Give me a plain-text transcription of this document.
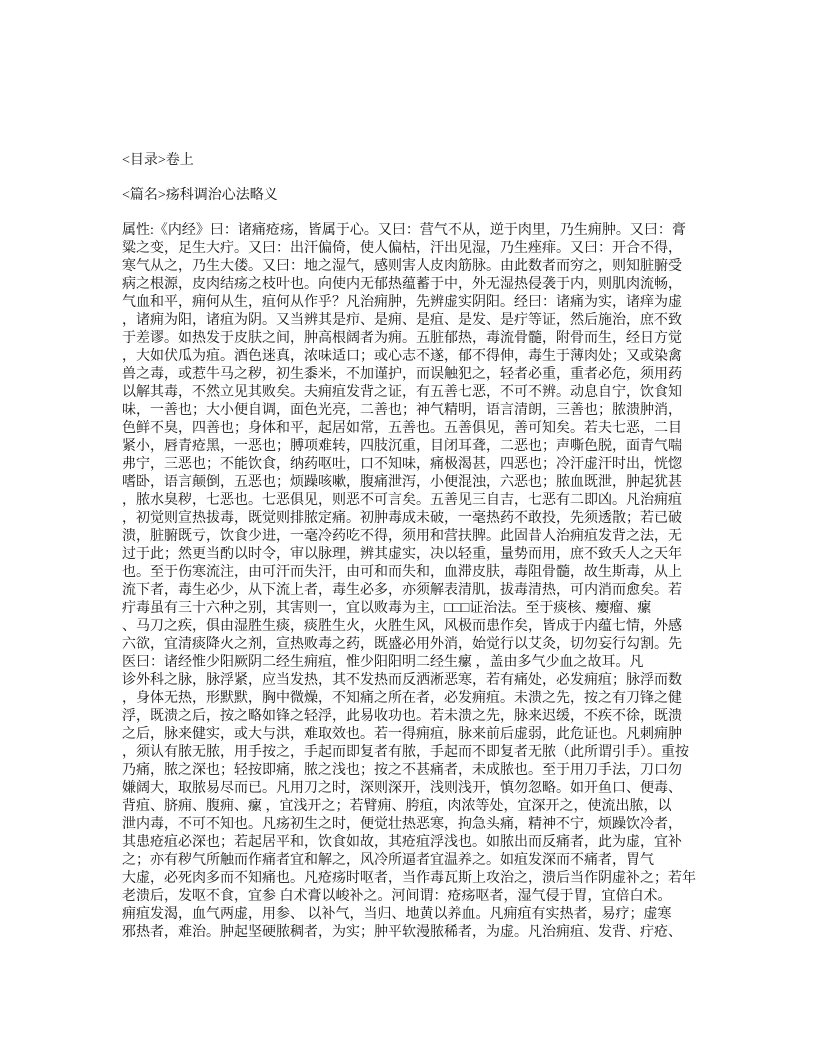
<目录>卷上
<篇名>疡科调治心法略义
属性:《内经》曰：诸痛疮疡，皆属于心。又曰：营气不从，逆于肉里，乃生痈肿。又曰：膏
粱之变，足生大疔。又曰：出汗偏倚，使人偏枯，汗出见湿，乃生痤痱。又曰：开合不得，
寒气从之，乃生大偻。又曰：地之湿气，感则害人皮肉筋脉。由此数者而穷之，则知脏腑受
病之根源，皮肉结疡之枝叶也。向使内无郁热蕴蓄于中，外无湿热侵袭于内，则肌肉流畅，
气血和平，痈何从生，疽何从作乎？凡治痈肿，先辨虚实阴阳。经曰：诸痛为实，诸痒为虚
，诸痈为阳，诸疽为阴。又当辨其是疖、是痈、是疽、是发、是疔等证，然后施治，庶不致
于差谬。如热发于皮肤之间，肿高根阔者为痈。五脏郁热，毒流骨髓，附骨而生，经日方觉
，大如伏瓜为疽。酒色迷真，浓味适口；或心志不遂，郁不得伸，毒生于薄肉处；又或染禽
兽之毒，或惹牛马之秽，初生黍米，不加谨护，而误触犯之，轻者必重，重者必危，须用药
以解其毒，不然立见其败矣。夫痈疽发背之证，有五善七恶，不可不辨。动息自宁，饮食知
味，一善也；大小便自调，面色光亮，二善也；神气精明，语言清朗，三善也；脓溃肿消，
色鲜不臭，四善也；身体和平，起居如常，五善也。五善俱见，善可知矣。若夫七恶，二目
紧小，唇青疮黑，一恶也；膊项难转，四肢沉重，目闭耳聋，二恶也；声嘶色脱，面青气喘
弗宁，三恶也；不能饮食，纳药呕吐，口不知味，痛极渴甚，四恶也；冷汗虚汗时出，恍惚
嗜卧，语言颠倒，五恶也；烦躁咳嗽，腹痛泄泻，小便混浊，六恶也；脓血既泄，肿起犹甚
，脓水臭秽，七恶也。七恶俱见，则恶不可言矣。五善见三自吉，七恶有二即凶。凡治痈疽
，初觉则宣热拔毒，既觉则排脓定痛。初肿毒成未破，一毫热药不敢投，先须透散；若已破
溃，脏腑既亏，饮食少进，一毫冷药吃不得，须用和营扶脾。此固昔人治痈疽发背之法，无
过于此；然更当酌以时令，审以脉理，辨其虚实，决以轻重，量势而用，庶不致夭人之天年
也。至于伤寒流注，由可汗而失汗，由可和而失和，血滞皮肤，毒阻骨髓，故生斯毒，从上
流下者，毒生必少，从下流上者，毒生必多，亦须解表清肌，拔毒清热，可内消而愈矣。若
疔毒虽有三十六种之别，其害则一，宜以败毒为主，□□□证治法。至于痰核、瘿瘤、瘰
、马刀之疾，俱由湿胜生痰，痰胜生火，火胜生风，风极而患作矣，皆成于内蕴七情，外感
六欲，宜清痰降火之剂，宣热败毒之药，既盛必用外消，始觉行以艾灸，切勿妄行勾割。先
医曰：诸经惟少阳厥阴二经生痈疽，惟少阳阳明二经生瘰 ，盖由多气少血之故耳。凡
诊外科之脉，脉浮紧，应当发热，其不发热而反洒淅恶寒，若有痛处，必发痈疽；脉浮而数
，身体无热，形默默，胸中微燥，不知痛之所在者，必发痈疽。未溃之先，按之有刀锋之健
浮，既溃之后，按之略如锋之轻浮，此易收功也。若未溃之先，脉来迟缓，不疾不徐，既溃
之后，脉来健实，或大与洪，难取效也。若一得痈疽，脉来前后虚弱，此危证也。凡刺痈肿
，须认有脓无脓，用手按之，手起而即复者有脓，手起而不即复者无脓（此所谓引手）。重按
乃痛，脓之深也；轻按即痛，脓之浅也；按之不甚痛者，未成脓也。至于用刀手法，刀口勿
嫌阔大，取脓易尽而已。凡用刀之时，深则深开，浅则浅开，慎勿忽略。如开鱼口、便毒、
背疽、脐痈、腹痈、瘰 ，宜浅开之；若臂痈、胯疽，肉浓等处，宜深开之，使流出脓，以
泄内毒，不可不知也。凡疡初生之时，便觉壮热恶寒，拘急头痛，精神不宁，烦躁饮冷者，
其患疮疽必深也；若起居平和，饮食如故，其疮疽浮浅也。如脓出而反痛者，此为虚，宜补
之；亦有秽气所触而作痛者宜和解之，风冷所逼者宜温养之。如疽发深而不痛者，胃气
大虚，必死肉多而不知痛也。凡疮疡时呕者，当作毒瓦斯上攻治之，溃后当作阴虚补之；若年
老溃后，发呕不食，宜参 白术膏以峻补之。河间谓：疮疡呕者，湿气侵于胃，宜倍白术。
痈疽发渴，血气两虚，用参、 以补气，当归、地黄以养血。凡痈疽有实热者，易疗；虚寒
邪热者，难治。肿起坚硬脓稠者，为实；肿平软漫脓稀者，为虚。凡治痈疽、发背、疔疮、
